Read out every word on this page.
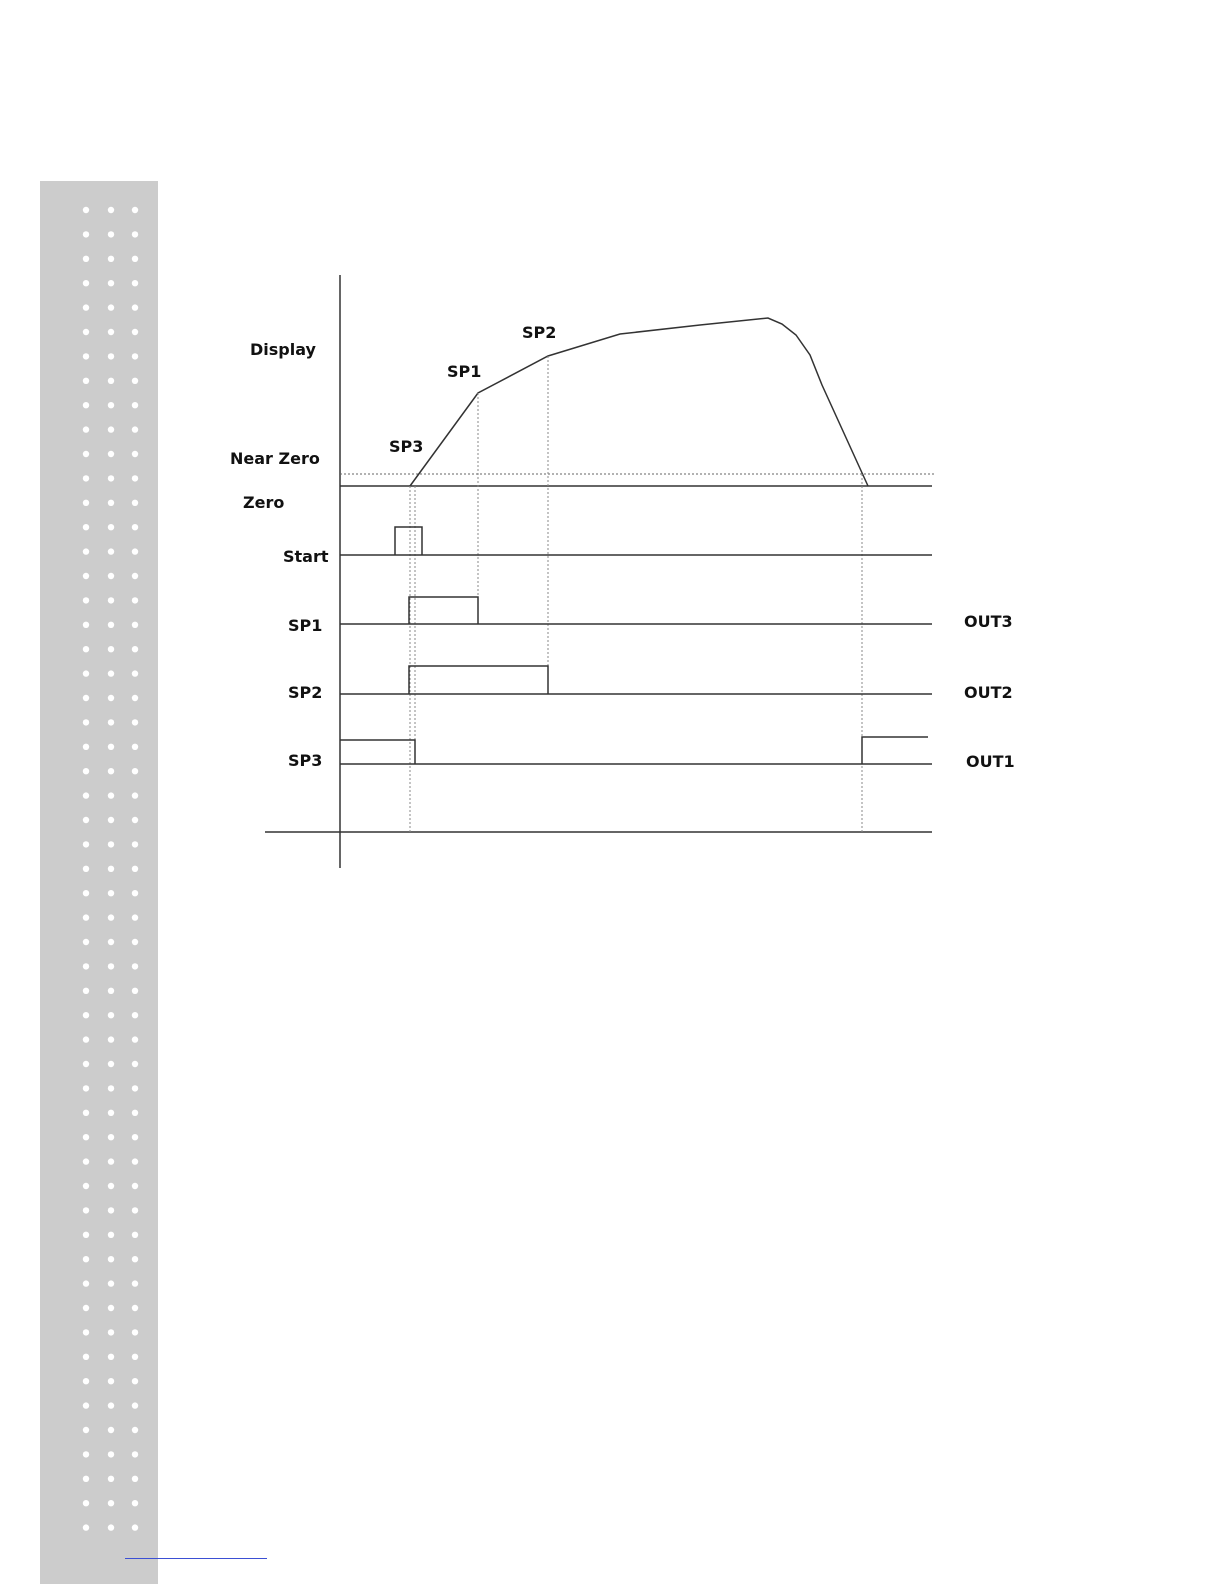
Display
Near Zero
Zero
SP3
SP1
SP2
Start
SP1
SP2
SP3
OUT3
OUT2
OUT1
